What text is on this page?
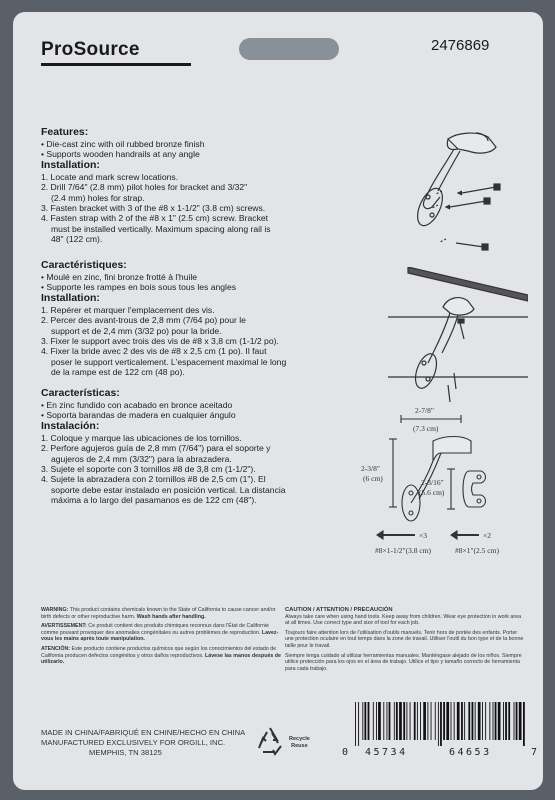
ProSource	2476869
Features:
• Die-cast zinc with oil rubbed bronze finish
• Supports wooden handrails at any angle
Installation:
1. Locate and mark screw locations.
2. Drill 7/64" (2.8 mm) pilot holes for bracket and 3/32"
(2.4 mm) holes for strap.
3. Fasten bracket with 3 of the #8 x 1-1/2" (3.8 cm) screws.
4. Fasten strap with 2 of the #8 x 1" (2.5 cm) screw. Bracket
must be installed vertically. Maximum spacing along rail is
48" (122 cm).
Caractéristiques:
• Moulé en zinc, fini bronze frotté à l'huile
• Supporte les rampes en bois sous tous les angles
Installation:
1. Repérer et marquer l'emplacement des vis.
2. Percer des avant-trous de 2,8 mm (7/64 po) pour le
support et de 2,4 mm (3/32 po) pour la bride.
3. Fixer le support avec trois des vis de #8 x 3,8 cm (1-1/2 po).
4. Fixer la bride avec 2 des vis de #8 x 2,5 cm (1 po). Il faut
poser le support verticalement. L'espacement maximal le long
de la rampe est de 122 cm (48 po).
Características:
• En zinc fundido con acabado en bronce aceitado
• Soporta barandas de madera en cualquier ángulo
Instalación:
1. Coloque y marque las ubicaciones de los tornillos.
2. Perfore agujeros guía de 2,8 mm (7/64") para el soporte y
agujeros de 2,4 mm (3/32") para la abrazadera.
3. Sujete el soporte con 3 tornillos #8 de 3,8 cm (1-1/2").
4. Sujete la abrazadera con 2 tornillos #8 de 2,5 cm (1"). El
soporte debe estar instalado en posición vertical. La distancia
máxima a lo largo del pasamanos es de 122 cm (48").
2-7/8"
(7.3 cm)
2-3/8"
(6 cm)	2-3/16"
(5.6 cm)
×3
#8×1-1/2"(3.8 cm)
×2
#8×1"(2.5 cm)
WARNING: This product contains chemicals known to the State of California to cause cancer and/or birth defects or other reproductive harm. Wash hands after handling.
AVERTISSEMENT: Ce produit contient des produits chimiques reconnus dans l'État de Californie comme pouvant provoquer des anomalies congénitales ou autres problèmes de reproduction. Lavez-vous les mains après toute manipulation.
ATENCIÓN: Este producto contiene productos químicos que según los conocimientos del estado de California producen defectos congénitos y otros daños reproductivos. Lávese las manos después de utilizarlo.
CAUTION / ATTENTION / PRECAUCIÓN
Always take care when using hand tools. Keep away from children. Wear eye protection in work area at all times. Use correct type and size of tool for each job.
Toujours faire attention lors de l'utilisation d'outils manuels. Tenir hors de portée des enfants. Porter une protection oculaire en tout temps dans la zone de travail. Utiliser l'outil du bon type et de la bonne taille pour le travail.
Siempre tenga cuidado al utilizar herramientas manuales. Manténgase alejado de los niños. Siempre utilice protección para los ojos en el área de trabajo. Utilice el tipo y tamaño correcto de herramienta para cada trabajo.
MADE IN CHINA/FABRIQUÉ EN CHINE/HECHO EN CHINA
MANUFACTURED EXCLUSIVELY FOR ORGILL, INC.
MEMPHIS, TN 38125
Recycle
Reuse
0 45734	64653	7
